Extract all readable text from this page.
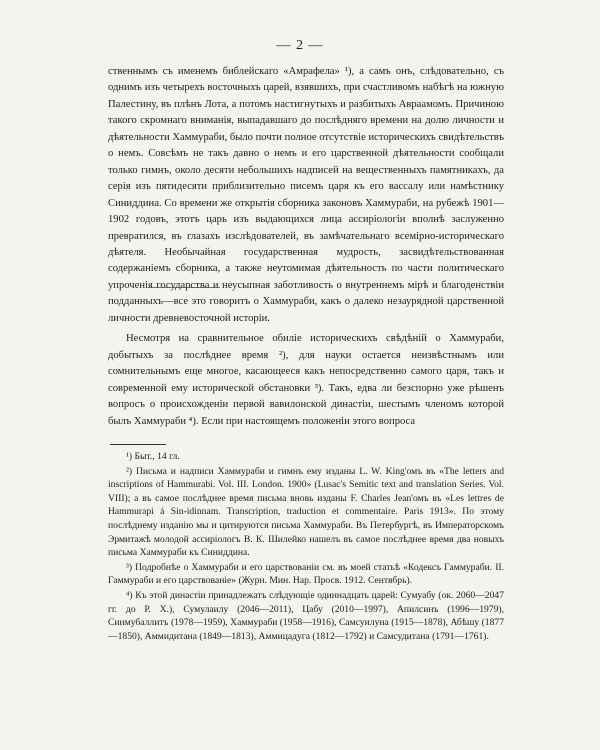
— 2 —

ственнымъ съ именемъ библейскаго «Амрафела» ¹), а самъ онъ, слѣдовательно, съ однимъ изъ четырехъ восточныхъ царей, взявшихъ, при счастливомъ набѣгѣ на южную Палестину, въ плѣнъ Лота, а потомъ настигнутыхъ и разбитыхъ Авраамомъ. Причиною такого скромнаго вниманія, выпадавшаго до послѣдняго времени на долю личности и дѣятельности Хаммураби, было почти полное отсутствіе историческихъ свидѣтельствъ о немъ. Совсѣмъ не такъ давно о немъ и его царственной дѣятельности сообщали только гимнъ, около десяти небольшихъ надписей на вещественныхъ памятникахъ, да серія изъ пятидесяти приблизительно писемъ царя къ его вассалу или намѣстнику Синиддина. Со времени же открытія сборника законовъ Хаммураби, на рубежѣ 1901—1902 годовъ, этотъ царь изъ выдающихся лица ассиріологіи вполнѣ заслуженно превратился, въ глазахъ изслѣдователей, въ замѣчательнаго всемірно-историческаго дѣятеля. Необычайная государственная мудрость, засвидѣтельствованная содержаніемъ сборника, а также неутомимая дѣятельность по части политическаго упроченія государства и неусыпная заботливость о внутреннемъ мірѣ и благоденствіи подданныхъ—все это говоритъ о Хаммураби, какъ о далеко незаурядной царственной личности древневосточной исторіи.

Несмотря на сравнительное обиліе историческихъ свѣдѣній о Хаммураби, добытыхъ за послѣднее время ²), для науки остается неизвѣстнымъ или сомнительнымъ еще многое, касающееся какъ непосредственно самого царя, такъ и современной ему исторической обстановки ³). Такъ, едва ли безспорно уже рѣшенъ вопросъ о происхожденіи первой вавилонской династіи, шестымъ членомъ которой былъ Хаммураби ⁴). Если при настоящемъ положеніи этого вопроса

¹) Быт., 14 гл.

²) Письма и надписи Хаммураби и гимнъ ему изданы L. W. King'омъ въ «The letters and inscriptions of Hammurabi. Vol. III. London. 1900» (Lusac's Semitic text and translation Series. Vol. VIII); а въ самое послѣднее время письма вновь изданы F. Charles Jean'омъ въ «Les lettres de Hammurapi á Sin-idinnam. Transcription, traduction et commentaire. Paris 1913». По этому послѣднему изданію мы и цитируются письма Хаммураби. Въ Петербургѣ, въ Императорскомъ Эрмитажѣ молодой ассиріологъ В. К. Шилейко нашелъ въ самое послѣднее время два новыхъ письма Хаммураби къ Синиддина.

³) Подробнѣе о Хаммураби и его царствованіи см. въ моей статьѣ «Кодексъ Гаммураби. II. Гаммураби и его царствованіе» (Журн. Мин. Нар. Просв. 1912. Сентябрь).

⁴) Къ этой династіи принадлежатъ слѣдующіе одиннадцать царей: Сумуабу (ок. 2060—2047 гг. до Р. Х.), Сумулаилу (2046—2011), Цабу (2010—1997), Апилсинъ (1996—1979), Синмубаллитъ (1978—1959), Хаммураби (1958—1916), Самсуилуна (1915—1878), Абѣшу (1877—1850), Аммидитана (1849—1813), Аммицадуга (1812—1792) и Самсудитана (1791—1761).
